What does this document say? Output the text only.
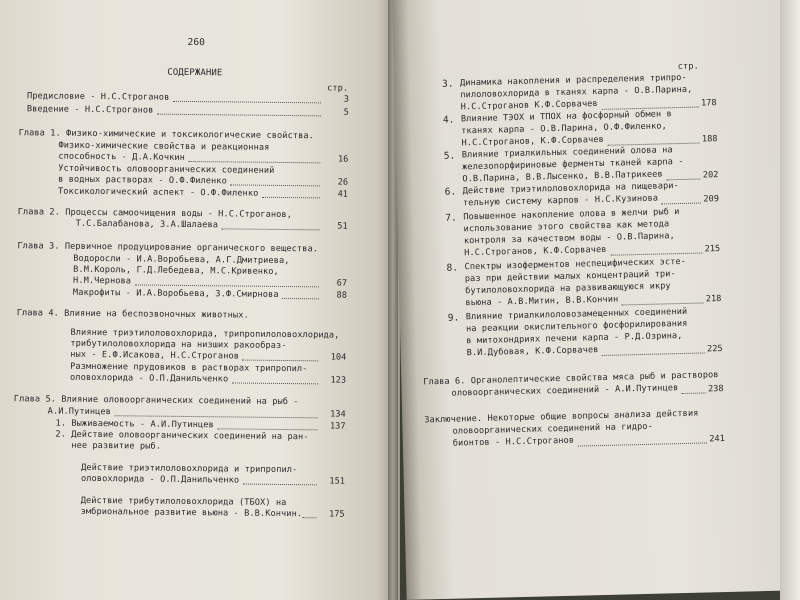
260
СОДЕРЖАНИЕ
стр.
Предисловие - Н.С.Строганов	3
Введение - Н.С.Строганов	5
Глава 1. Физико-химические и токсикологические свойства.
Физико-химические свойства и реакционная
способность - Д.А.Кочкин	16
Устойчивость оловоорганических соединений
в водных растворах - О.Ф.Филенко	26
Токсикологический аспект - О.Ф.Филенко	41
Глава 2. Процессы самоочищения воды - Н.С.Строганов,
Т.С.Балабанова, З.А.Шалаева	51
Глава 3. Первичное продуцирование органического вещества.
Водоросли - И.А.Воробьева, А.Г.Дмитриева,
В.М.Король, Г.Д.Лебедева, М.С.Кривенко,
Н.М.Чернова	67
Макрофиты - И.А.Воробьева, З.Ф.Смирнова	88
Глава 4. Влияние на беспозвоночных животных.
Влияние триэтилоловохлорида, трипропилоловохлорида,
трибутилоловохлорида на низших ракообраз-
ных - Е.Ф.Исакова, Н.С.Строганов	104
Размножение прудовиков в растворах трипропил-
оловохлорида - О.П.Данильченко	123
Глава 5. Влияние оловоорганических соединений на рыб -
А.И.Путинцев	134
1. Выживаемость - А.И.Путинцев	137
2. Действие оловоорганических соединений на ран-
нее развитие рыб.
Действие триэтилоловохлорида и трипропил-
оловохлорида - О.П.Данильченко	151
Действие трибутилоловохлорида (ТБОХ) на
эмбриональное развитие вьюна - В.В.Кончин.	175
стр.
3. Динамика накопления и распределения трипро-
пилоловохлорида в тканях карпа - О.В.Парина,
Н.С.Строганов К.Ф.Сорвачев	178
4. Влияние ТЭОХ и ТПОХ на фосфорный обмен в
тканях карпа - О.В.Парина, О.Ф.Филенко,
Н.С.Строганов, К.Ф.Сорвачев	188
5. Влияние триалкильных соединений олова на
железопорфириновые ферменты тканей карпа -
О.В.Парина, В.В.Лысенко, В.В.Патрикеев	202
6. Действие триэтилоловохлорида на пищевари-
тельную систему карпов - Н.С.Кузинова	209
7. Повышенное накопление олова в желчи рыб и
использование этого свойства как метода
контроля за качеством воды - О.В.Парина,
Н.С.Строганов, К.Ф.Сорвачев	215
8. Спектры изоферментов неспецифических эсте-
раз при действии малых концентраций три-
бутилоловохлорида на развивающуюся икру
вьюна - А.В.Митин, В.В.Кончин	218
9. Влияние триалкилоловозамещенных соединений
на реакции окислительного фосфорилирования
в митохондриях печени карпа - Р.Д.Озрина,
В.И.Дубовая, К.Ф.Сорвачев	225
Глава 6. Органолептические свойства мяса рыб и растворов
оловоорганических соединений - А.И.Путинцев	238
Заключение. Некоторые общие вопросы анализа действия
оловоорганических соединений на гидро-
бионтов - Н.С.Строганов	241
